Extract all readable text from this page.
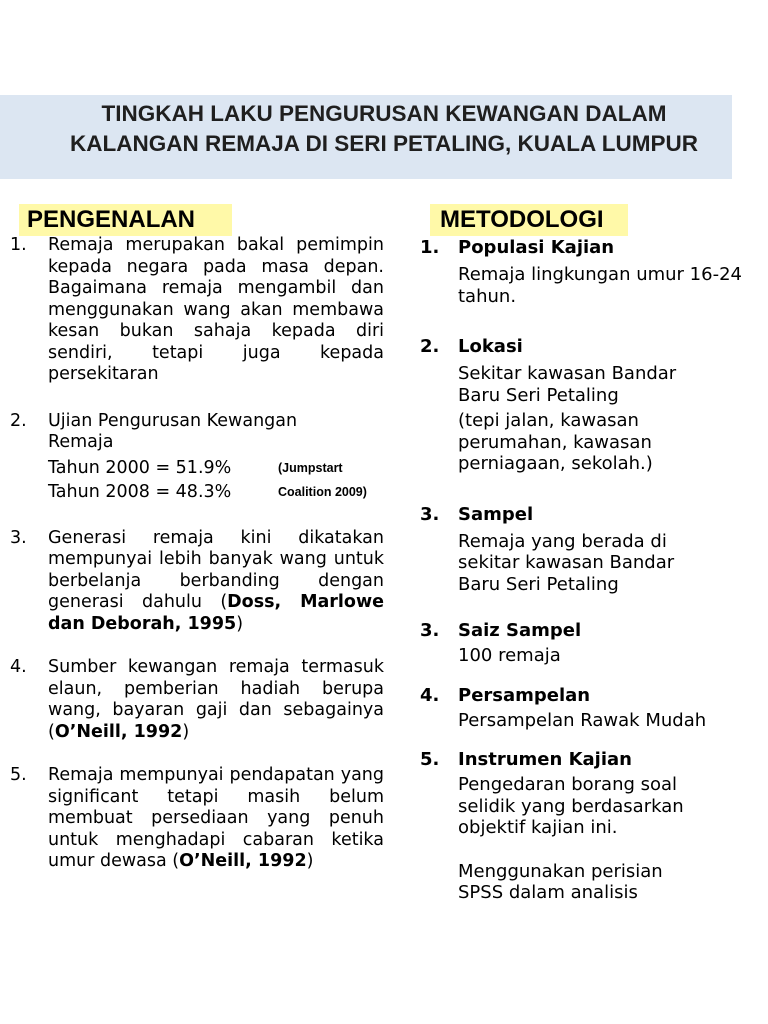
TINGKAH LAKU PENGURUSAN KEWANGAN DALAM
KALANGAN REMAJA DI SERI PETALING, KUALA LUMPUR
PENGENALAN	METODOLOGI
1. Remaja merupakan bakal pemimpin kepada negara pada masa depan. Bagaimana remaja mengambil dan menggunakan wang akan membawa kesan bukan sahaja kepada diri sendiri, tetapi juga kepada persekitaran
2. Ujian Pengurusan Kewangan Remaja
Tahun 2000 = 51.9%	(Jumpstart
Tahun 2008 = 48.3%	Coalition 2009)
3. Generasi remaja kini dikatakan mempunyai lebih banyak wang untuk berbelanja berbanding dengan generasi dahulu (Doss, Marlowe dan Deborah, 1995)
4. Sumber kewangan remaja termasuk elaun, pemberian hadiah berupa wang, bayaran gaji dan sebagainya (O’Neill, 1992)
5. Remaja mempunyai pendapatan yang significant tetapi masih belum membuat persediaan yang penuh untuk menghadapi cabaran ketika umur dewasa (O’Neill, 1992)
1. Populasi Kajian
Remaja lingkungan umur 16-24 tahun.
2. Lokasi
Sekitar kawasan Bandar Baru Seri Petaling
(tepi jalan, kawasan perumahan, kawasan perniagaan, sekolah.)
3. Sampel
Remaja yang berada di sekitar kawasan Bandar Baru Seri Petaling
3. Saiz Sampel
100 remaja
4. Persampelan
Persampelan Rawak Mudah
5. Instrumen Kajian
Pengedaran borang soal selidik yang berdasarkan objektif kajian ini.
Menggunakan perisian SPSS dalam analisis
